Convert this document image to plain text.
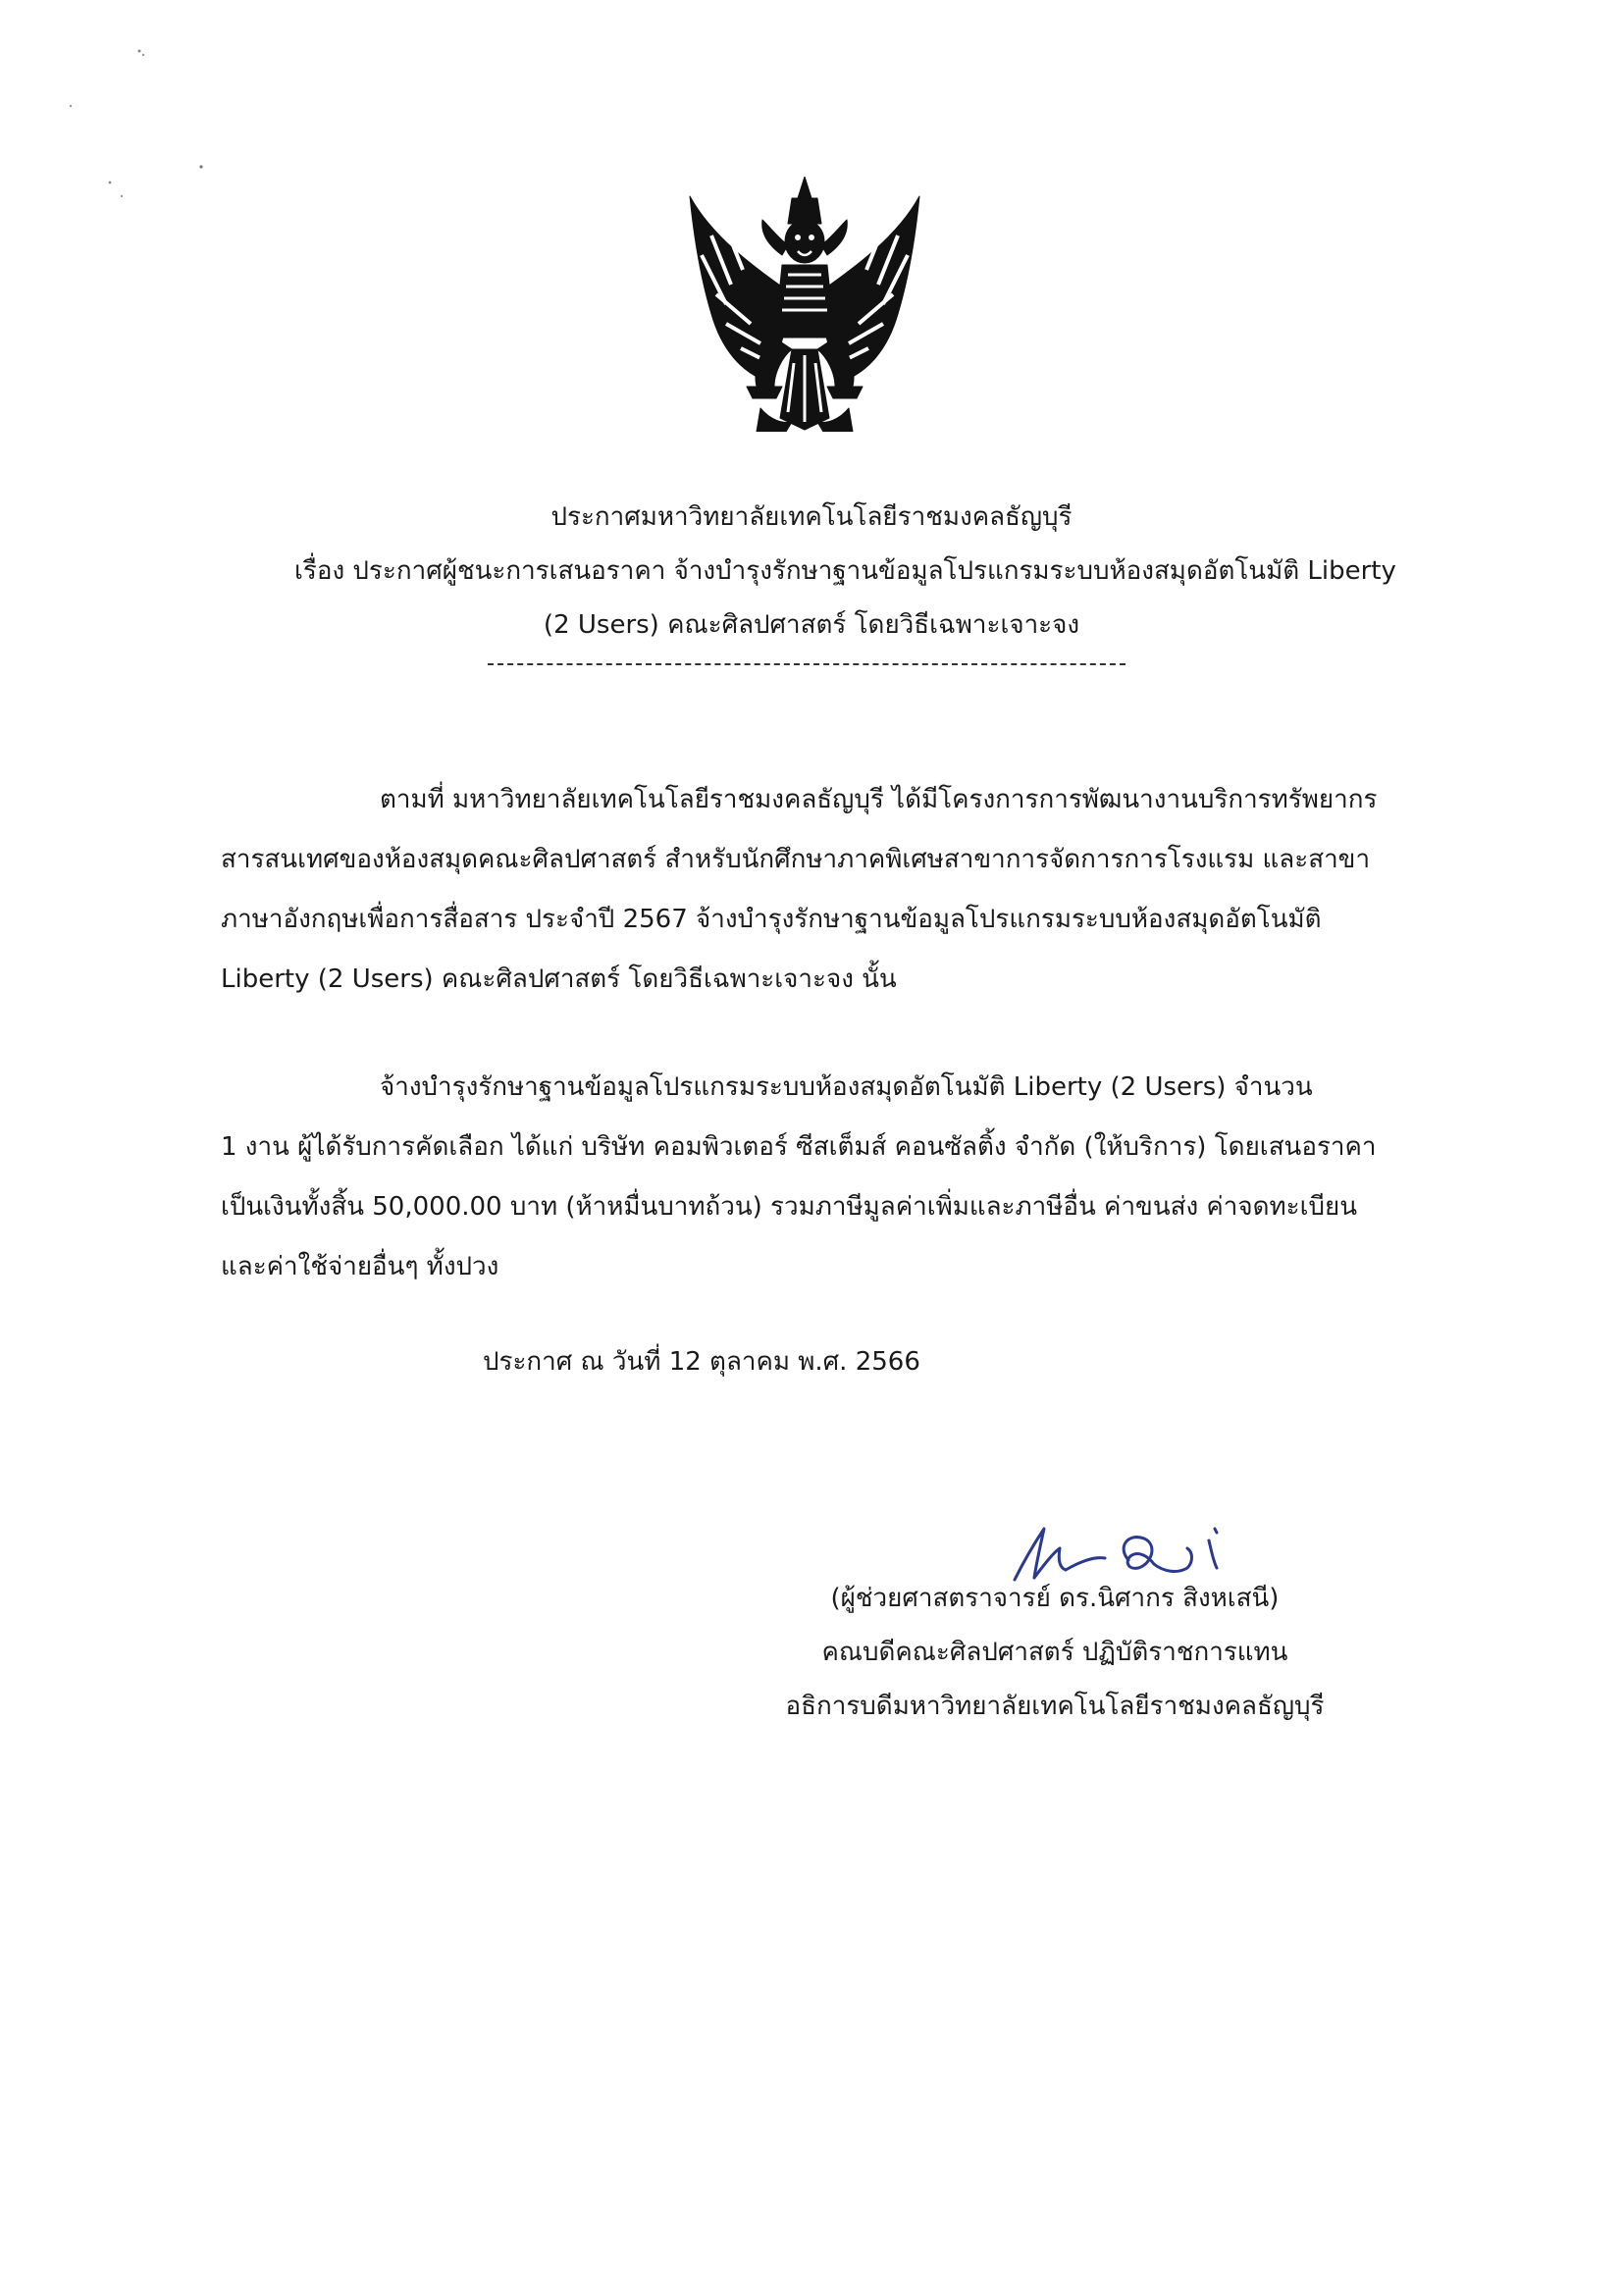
ประกาศมหาวิทยาลัยเทคโนโลยีราชมงคลธัญบุรี
เรื่อง ประกาศผู้ชนะการเสนอราคา จ้างบำรุงรักษาฐานข้อมูลโปรแกรมระบบห้องสมุดอัตโนมัติ Liberty
(2 Users) คณะศิลปศาสตร์ โดยวิธีเฉพาะเจาะจง
ตามที่ มหาวิทยาลัยเทคโนโลยีราชมงคลธัญบุรี ได้มีโครงการการพัฒนางานบริการทรัพยากร
สารสนเทศของห้องสมุดคณะศิลปศาสตร์ สำหรับนักศึกษาภาคพิเศษสาขาการจัดการการโรงแรม และสาขา
ภาษาอังกฤษเพื่อการสื่อสาร ประจำปี 2567 จ้างบำรุงรักษาฐานข้อมูลโปรแกรมระบบห้องสมุดอัตโนมัติ
Liberty (2 Users) คณะศิลปศาสตร์ โดยวิธีเฉพาะเจาะจง นั้น
จ้างบำรุงรักษาฐานข้อมูลโปรแกรมระบบห้องสมุดอัตโนมัติ Liberty (2 Users) จำนวน
1 งาน ผู้ได้รับการคัดเลือก ได้แก่ บริษัท คอมพิวเตอร์ ซีสเต็มส์ คอนซัลติ้ง จำกัด (ให้บริการ) โดยเสนอราคา
เป็นเงินทั้งสิ้น 50,000.00 บาท (ห้าหมื่นบาทถ้วน) รวมภาษีมูลค่าเพิ่มและภาษีอื่น ค่าขนส่ง ค่าจดทะเบียน
และค่าใช้จ่ายอื่นๆ ทั้งปวง
ประกาศ ณ วันที่ 12 ตุลาคม พ.ศ. 2566
(ผู้ช่วยศาสตราจารย์ ดร.นิศากร สิงหเสนี)
คณบดีคณะศิลปศาสตร์ ปฏิบัติราชการแทน
อธิการบดีมหาวิทยาลัยเทคโนโลยีราชมงคลธัญบุรี
